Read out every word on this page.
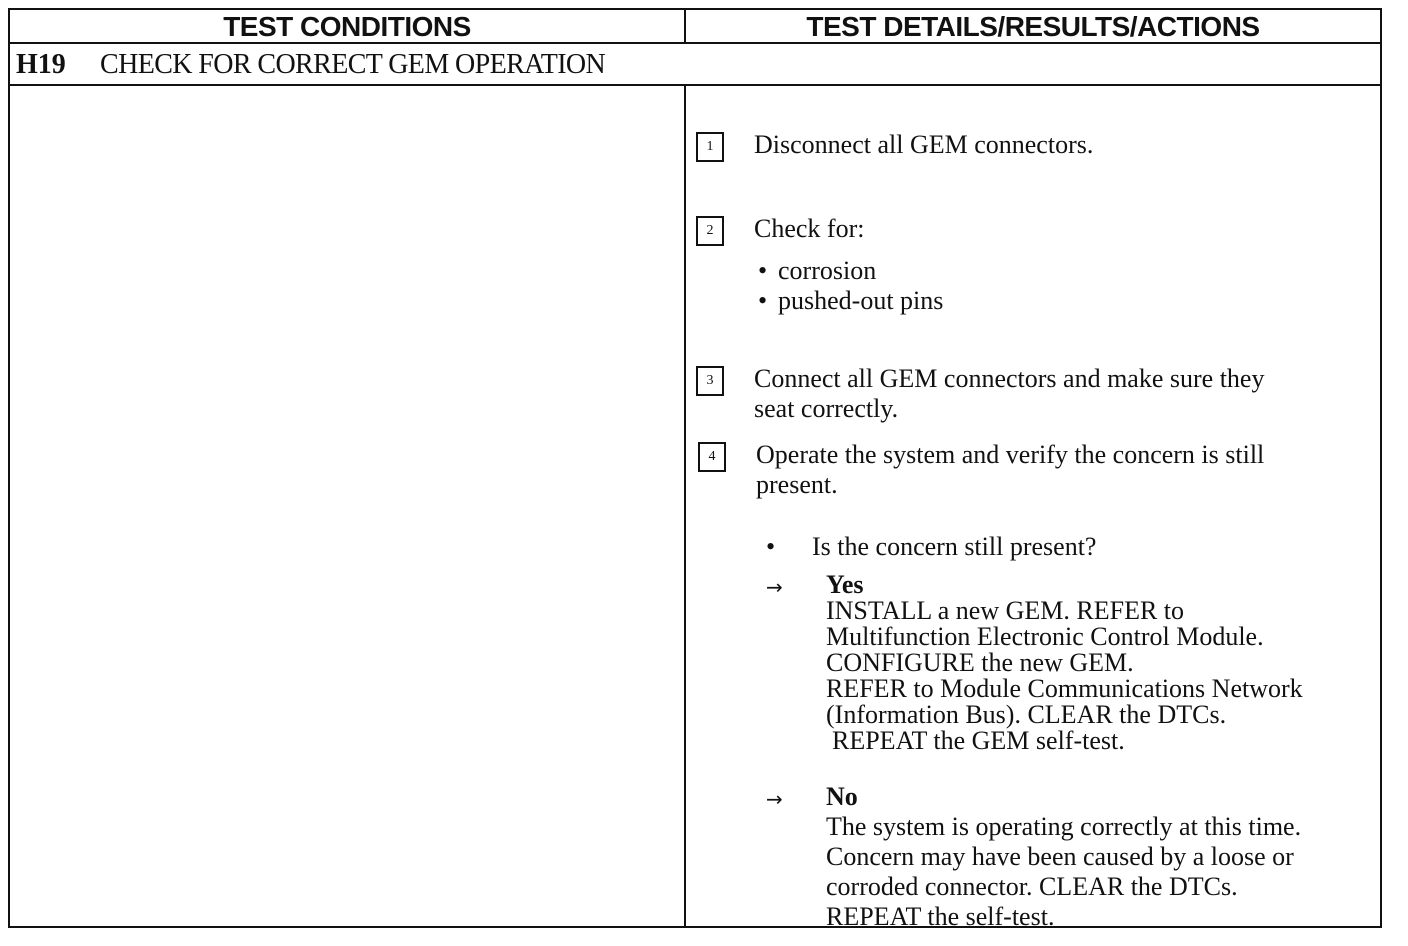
TEST CONDITIONS	TEST DETAILS/RESULTS/ACTIONS
H19 CHECK FOR CORRECT GEM OPERATION
1	Disconnect all GEM connectors.
2	Check for:
• corrosion
• pushed-out pins
3	Connect all GEM connectors and make sure they
seat correctly.
4	Operate the system and verify the concern is still
present.
• Is the concern still present?
→ Yes
INSTALL a new GEM. REFER to
Multifunction Electronic Control Module.
CONFIGURE the new GEM.
REFER to Module Communications Network
(Information Bus). CLEAR the DTCs.
REPEAT the GEM self-test.
→ No
The system is operating correctly at this time.
Concern may have been caused by a loose or
corroded connector. CLEAR the DTCs.
REPEAT the self-test.
